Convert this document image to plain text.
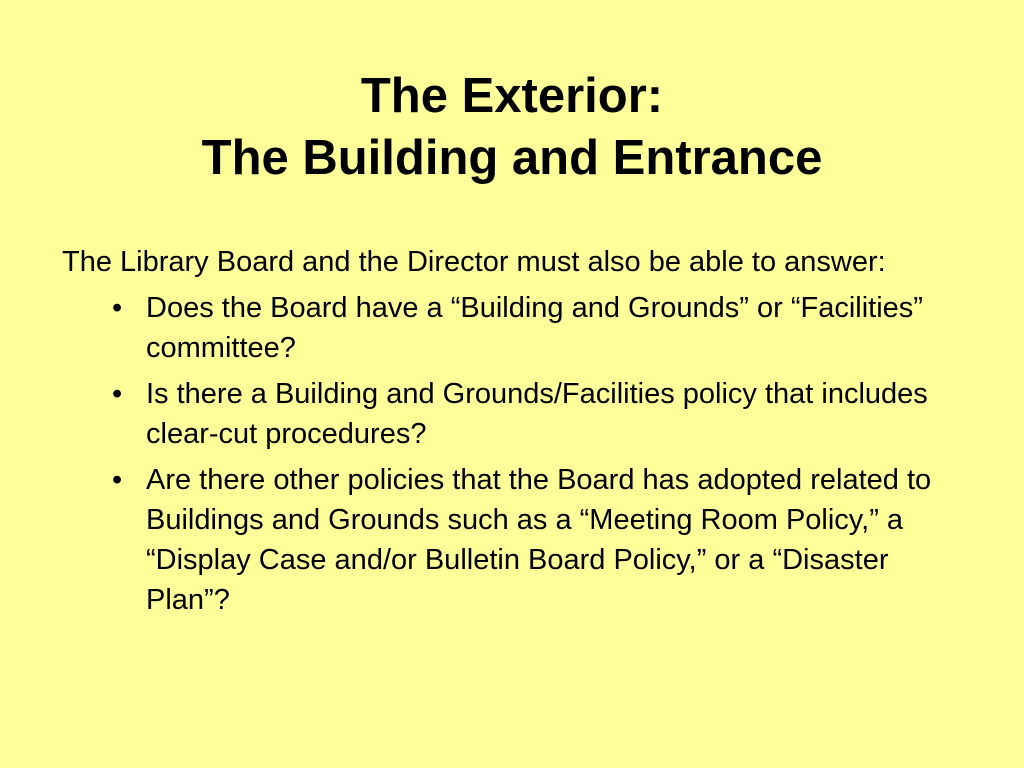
The Exterior:
The Building and Entrance

The Library Board and the Director must also be able to answer:

• Does the Board have a “Building and Grounds” or “Facilities” committee?
• Is there a Building and Grounds/Facilities policy that includes clear-cut procedures?
• Are there other policies that the Board has adopted related to Buildings and Grounds such as a “Meeting Room Policy,” a “Display Case and/or Bulletin Board Policy,” or a “Disaster Plan”?
